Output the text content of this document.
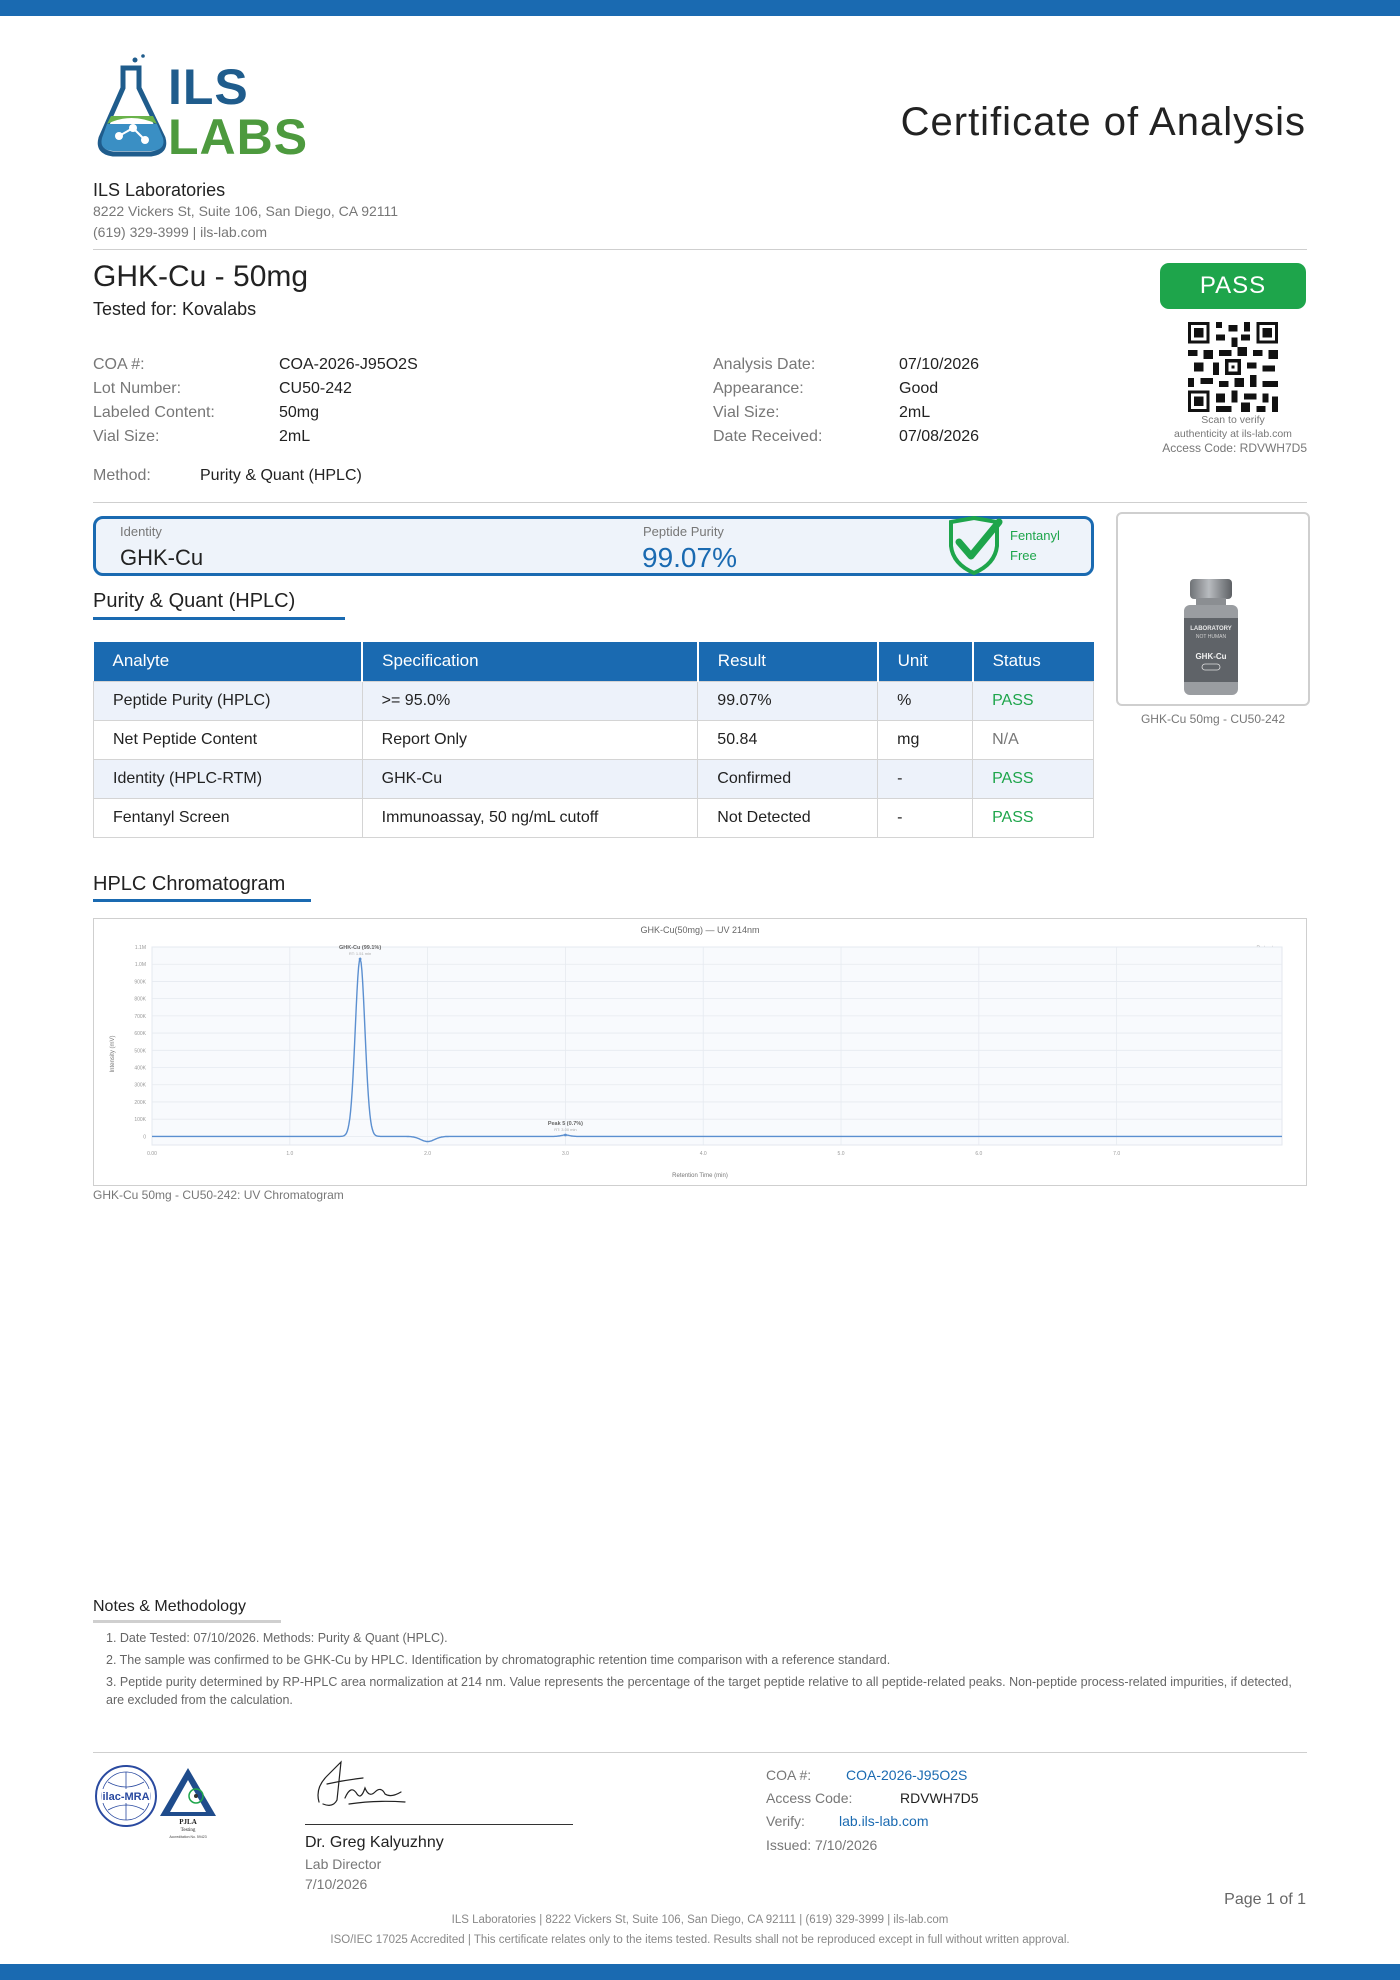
ILS
LABS	Certificate of Analysis
ILS Laboratories
8222 Vickers St, Suite 106, San Diego, CA 92111
(619) 329-3999 | ils-lab.com
GHK-Cu - 50mg
Tested for: Kovalabs
PASS
Scan to verify
authenticity at ils-lab.com
Access Code: RDVWH7D5
COA #:	COA-2026-J95O2S
Lot Number:	CU50-242
Labeled Content:	50mg
Vial Size:	2mL
Analysis Date:	07/10/2026
Appearance:	Good
Vial Size:	2mL
Date Received:	07/08/2026
Method:	Purity & Quant (HPLC)
Identity
GHK-Cu
Peptide Purity
99.07%
Fentanyl
Free
LABORATORY
NOT HUMAN
GHK-Cu
GHK-Cu 50mg - CU50-242
Purity & Quant (HPLC)
Analyte	Specification	Result	Unit	Status
Peptide Purity (HPLC)	>= 95.0%	99.07%	%	PASS
Net Peptide Content	Report Only	50.84	mg	N/A
Identity (HPLC-RTM)	GHK-Cu	Confirmed	-	PASS
Fentanyl Screen	Immunoassay, 50 ng/mL cutoff	Not Detected	-	PASS
HPLC Chromatogram
GHK-Cu(50mg) — UV 214nm
Retention Time (min)
Intensity (mV)
0
100K
200K
300K
400K
500K
600K
700K
800K
900K
1.0M
1.1M
0.00	1.0	2.0	3.0	4.0	5.0	6.0	7.0
GHK-Cu (99.1%)
RT: 1.51 min
Peak 5 (0.7%)
RT: 3.00 min
GHK-Cu 50mg - CU50-242: UV Chromatogram
Notes & Methodology
1. Date Tested: 07/10/2026. Methods: Purity & Quant (HPLC).
2. The sample was confirmed to be GHK-Cu by HPLC. Identification by chromatographic retention time comparison with a reference standard.
3. Peptide purity determined by RP-HPLC area normalization at 214 nm. Value represents the percentage of the target peptide relative to all peptide-related peaks. Non-peptide process-related impurities, if detected, are excluded from the calculation.
ilac-MRA
PJLA
Testing
Accreditation No. 59423	Dr. Greg Kalyuzhny
Lab Director
7/10/2026
COA #: COA-2026-J95O2S
Access Code:	RDVWH7D5
Verify: lab.ils-lab.com
Issued: 7/10/2026
Page 1 of 1
ILS Laboratories | 8222 Vickers St, Suite 106, San Diego, CA 92111 | (619) 329-3999 | ils-lab.com
ISO/IEC 17025 Accredited | This certificate relates only to the items tested. Results shall not be reproduced except in full without written approval.
